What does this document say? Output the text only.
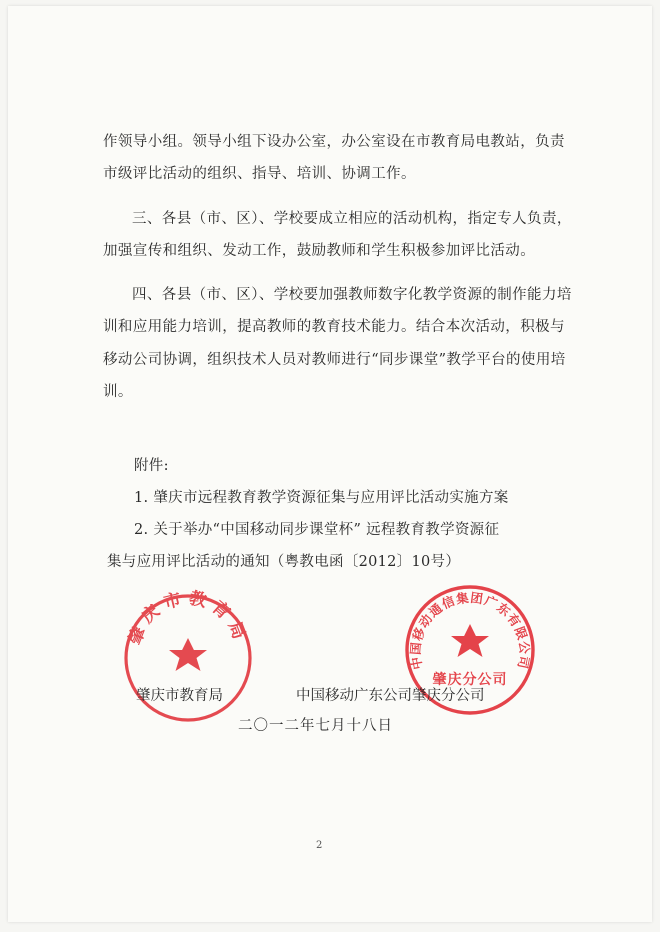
作领导小组。领导小组下设办公室，办公室设在市教育局电教站，负责市级评比活动的组织、指导、培训、协调工作。

三、各县（市、区）、学校要成立相应的活动机构，指定专人负责，加强宣传和组织、发动工作，鼓励教师和学生积极参加评比活动。

四、各县（市、区）、学校要加强教师数字化教学资源的制作能力培训和应用能力培训，提高教师的教育技术能力。结合本次活动，积极与移动公司协调，组织技术人员对教师进行“同步课堂”教学平台的使用培训。

附件:

1. 肇庆市远程教育教学资源征集与应用评比活动实施方案

2. 关于举办“中国移动同步课堂杯” 远程教育教学资源征

集与应用评比活动的通知（粤教电函〔2012〕10号）

肇庆市教育局
中国移动通信集团广东有限公司
肇庆分公司
肇庆市教育局	中国移动广东公司肇庆分公司
二〇一二年七月十八日
2
